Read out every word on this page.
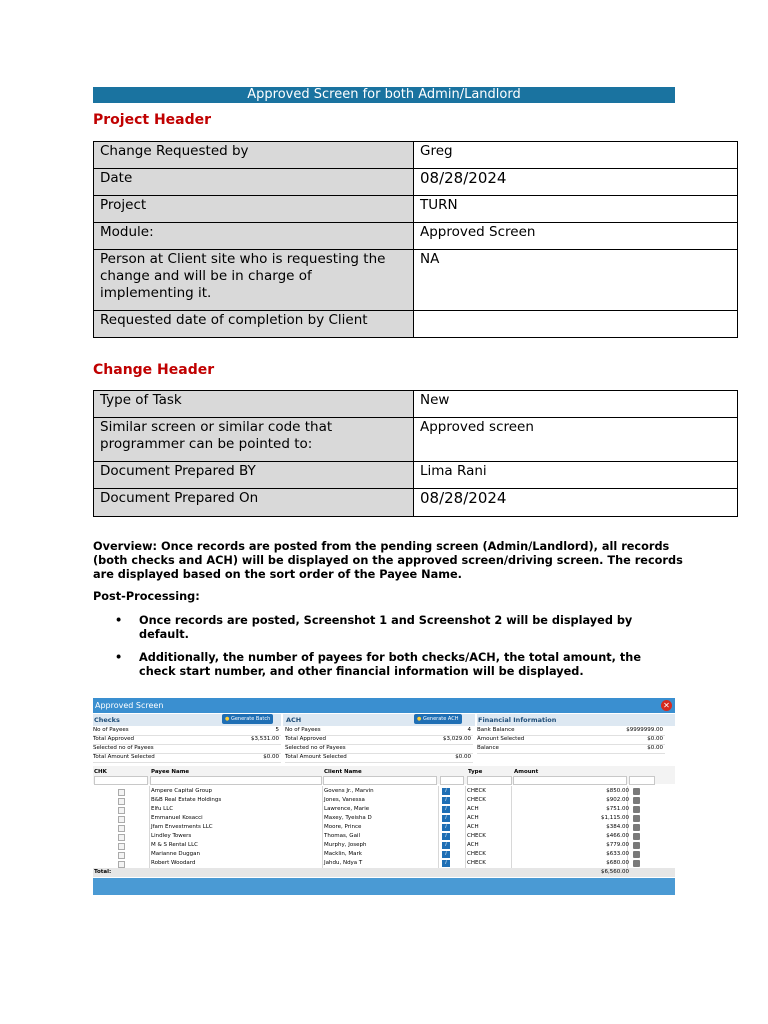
Approved Screen for both Admin/Landlord
Project Header
Change Requested by	Greg
Date	08/28/2024
Project	TURN
Module:	Approved Screen
Person at Client site who is requesting the change and will be in charge of implementing it.	NA
Requested date of completion by Client	
Change Header
Type of Task	New
Similar screen or similar code that programmer can be pointed to:	Approved screen
Document Prepared BY	Lima Rani
Document Prepared On	08/28/2024
Overview: Once records are posted from the pending screen (Admin/Landlord), all records (both checks and ACH) will be displayed on the approved screen/driving screen. The records are displayed based on the sort order of the Payee Name.
Post-Processing:
• Once records are posted, Screenshot 1 and Screenshot 2 will be displayed by default.
• Additionally, the number of payees for both checks/ACH, the total amount, the check start number, and other financial information will be displayed.
Approved Screen	✕
Checks	● Generate Batch	ACH	● Generate ACH	Financial Information
No of Payees	5
Total Approved	$3,531.00
Selected no of Payees
Total Amount Selected	$0.00
No of Payees	4
Total Approved	$3,029.00
Selected no of Payees
Total Amount Selected	$0.00
Bank Balance	$9999999.00
Amount Selected	$0.00
Balance	$0.00
CHK	Payee Name	Client Name	Type	Amount
Ampere Capital Group	Govens Jr., Marvin	i	CHECK	$850.00
B&B Real Estate Holdings	Jones, Vanessa	i	CHECK	$902.00
Elfu LLC	Lawrence, Marie	i	ACH	$751.00
Emmanuel Kosacci	Maxey, Tyeisha D	i	ACH	$1,115.00
Jfam Envestments LLC	Moore, Prince	i	ACH	$384.00
Lindley Towers	Thomas, Gail	i	CHECK	$466.00
M & S Rental LLC	Murphy, Joseph	i	ACH	$779.00
Marianne Duggan	Macklin, Mark	i	CHECK	$633.00
Robert Woodard	Jahdu, Ndya T	i	CHECK	$680.00
Total:	$6,560.00
